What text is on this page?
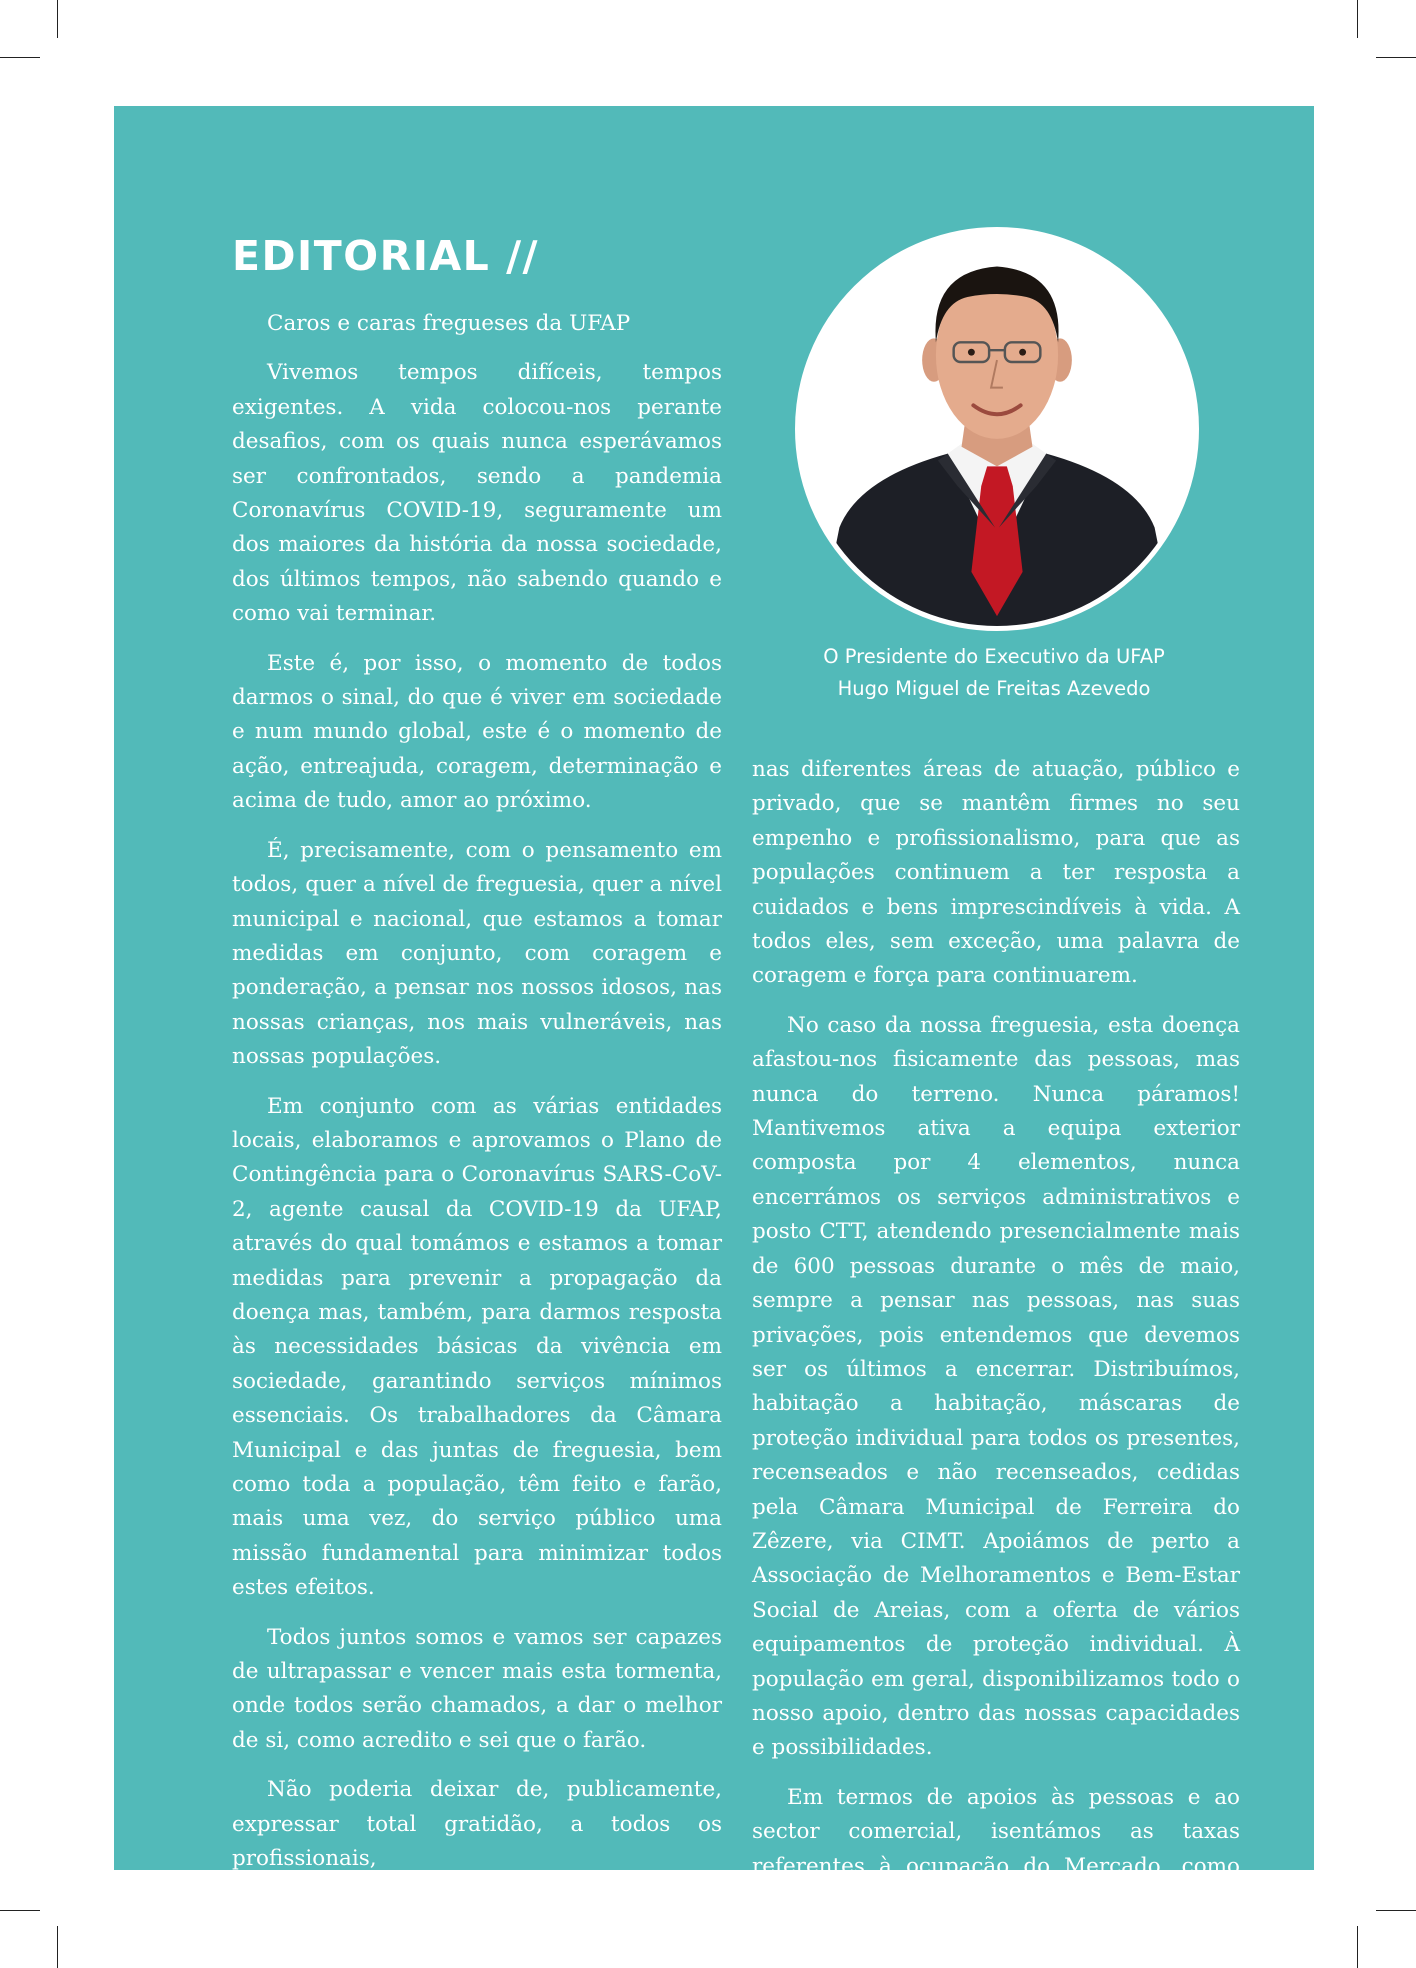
EDITORIAL //

Caros e caras fregueses da UFAP

Vivemos tempos difíceis, tempos exigentes. A vida colocou-nos perante desafios, com os quais nunca esperávamos ser confrontados, sendo a pandemia Coronavírus COVID-19, seguramente um dos maiores da história da nossa sociedade, dos últimos tempos, não sabendo quando e como vai terminar.

Este é, por isso, o momento de todos darmos o sinal, do que é viver em sociedade e num mundo global, este é o momento de ação, entreajuda, coragem, determinação e acima de tudo, amor ao próximo.

É, precisamente, com o pensamento em todos, quer a nível de freguesia, quer a nível municipal e nacional, que estamos a tomar medidas em conjunto, com coragem e ponderação, a pensar nos nossos idosos, nas nossas crianças, nos mais vulneráveis, nas nossas populações.

Em conjunto com as várias entidades locais, elaboramos e aprovamos o Plano de Contingência para o Coronavírus SARS-CoV-2, agente causal da COVID-19 da UFAP, através do qual tomámos e estamos a tomar medidas para prevenir a propagação da doença mas, também, para darmos resposta às necessidades básicas da vivência em sociedade, garantindo serviços mínimos essenciais. Os trabalhadores da Câmara Municipal e das juntas de freguesia, bem como toda a população, têm feito e farão, mais uma vez, do serviço público uma missão fundamental para minimizar todos estes efeitos.

Todos juntos somos e vamos ser capazes de ultrapassar e vencer mais esta tormenta, onde todos serão chamados, a dar o melhor de si, como acredito e sei que o farão.

Não poderia deixar de, publicamente, expressar total gratidão, a todos os profissionais,

O Presidente do Executivo da UFAP
Hugo Miguel de Freitas Azevedo

nas diferentes áreas de atuação, público e privado, que se mantêm firmes no seu empenho e profissionalismo, para que as populações continuem a ter resposta a cuidados e bens imprescindíveis à vida. A todos eles, sem exceção, uma palavra de coragem e força para continuarem.

No caso da nossa freguesia, esta doença afastou-nos fisicamente das pessoas, mas nunca do terreno. Nunca páramos! Mantivemos ativa a equipa exterior composta por 4 elementos, nunca encerrámos os serviços administrativos e posto CTT, atendendo presencialmente mais de 600 pessoas durante o mês de maio, sempre a pensar nas pessoas, nas suas privações, pois entendemos que devemos ser os últimos a encerrar. Distribuímos, habitação a habitação, máscaras de proteção individual para todos os presentes, recenseados e não recenseados, cedidas pela Câmara Municipal de Ferreira do Zêzere, via CIMT. Apoiámos de perto a Associação de Melhoramentos e Bem-Estar Social de Areias, com a oferta de vários equipamentos de proteção individual. À população em geral, disponibilizamos todo o nosso apoio, dentro das nossas capacidades e possibilidades.

Em termos de apoios às pessoas e ao sector comercial, isentámos as taxas referentes à ocupação do Mercado, como forma de estímulo e
